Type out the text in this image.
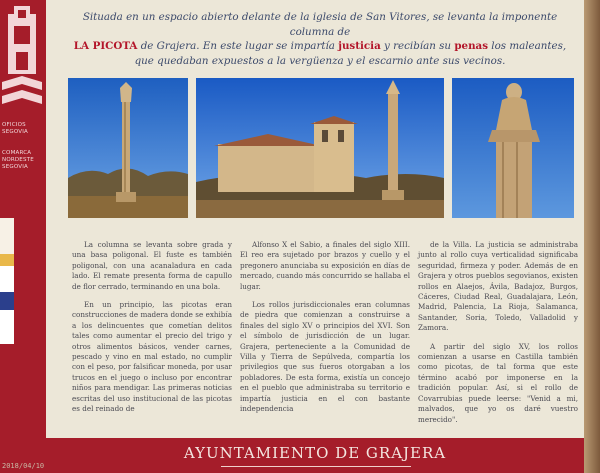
OFICIOS
SEGOVIA
COMARCA
NORDESTE
SEGOVIA
Situada en un espacio abierto delante de la iglesia de San Vitores, se levanta la imponente columna de
LA PICOTA de Grajera. En este lugar se impartía justicia y recibían su penas los maleantes,
que quedaban expuestos a la vergüenza y el escarnio ante sus vecinos.

La columna se levanta sobre grada y una basa poligonal. El fuste es también poligonal, con una acanaladura en cada lado. El remate presenta forma de capullo de flor cerrado, terminando en una bola.

En un principio, las picotas eran construcciones de madera donde se exhibía a los delincuentes que cometían delitos tales como aumentar el precio del trigo y otros alimentos básicos, vender carnes, pescado y vino en mal estado, no cumplir con el peso, por falsificar moneda, por usar trucos en el juego o incluso por encontrar niños para mendigar. Las primeras noticias escritas del uso institucional de las picotas es del reinado de

Alfonso X el Sabio, a finales del siglo XIII. El reo era sujetado por brazos y cuello y el pregonero anunciaba su exposición en días de mercado, cuando más concurrido se hallaba el lugar.

Los rollos jurisdiccionales eran columnas de piedra que comienzan a construirse a finales del siglo XV o principios del XVI. Son el símbolo de jurisdicción de un lugar. Grajera, perteneciente a la Comunidad de Villa y Tierra de Sepúlveda, compartía los privilegios que sus fueros otorgaban a los pobladores. De esta forma, existía un concejo en el pueblo que administraba su territorio e impartía justicia en el con bastante independencia

de la Villa. La justicia se administraba junto al rollo cuya verticalidad significaba seguridad, firmeza y poder. Además de en Grajera y otros pueblos segovianos, existen rollos en Alaejos, Ávila, Badajoz, Burgos, Cáceres, Ciudad Real, Guadalajara, León, Madrid, Palencia, La Rioja, Salamanca, Santander, Soria, Toledo, Valladolid y Zamora.

A partir del siglo XV, los rollos comienzan a usarse en Castilla también como picotas, de tal forma que este término acabó por imponerse en la tradición popular. Así, si el rollo de Covarrubias puede leerse: "Venid a mi, malvados, que yo os daré vuestro merecido".

AYUNTAMIENTO DE GRAJERA
2018/04/10
